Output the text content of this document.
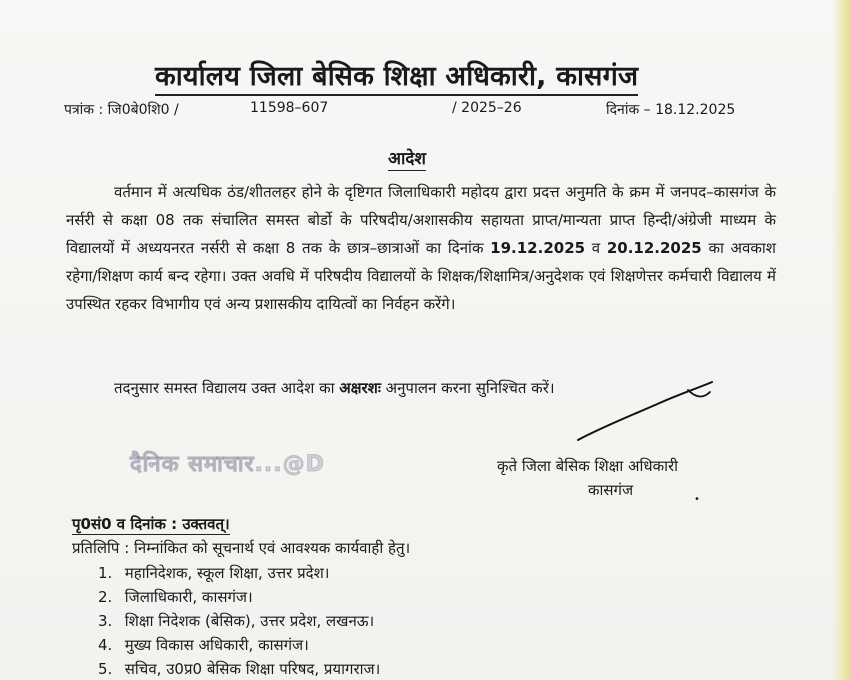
कार्यालय जिला बेसिक शिक्षा अधिकारी, कासगंज
पत्रांक : जि0बे0शि0 /	11598–607	/ 2025–26	दिनांक – 18.12.2025
आदेश
वर्तमान में अत्यधिक ठंड/शीतलहर होने के दृष्टिगत जिलाधिकारी महोदय द्वारा प्रदत्त अनुमति के क्रम में जनपद–कासगंज के नर्सरी से कक्षा 08 तक संचालित समस्त बोर्डो के परिषदीय/अशासकीय सहायता प्राप्त/मान्यता प्राप्त हिन्दी/अंग्रेजी माध्यम के विद्यालयों में अध्ययनरत नर्सरी से कक्षा 8 तक के छात्र–छात्राओं का दिनांक 19.12.2025 व 20.12.2025 का अवकाश रहेगा/शिक्षण कार्य बन्द रहेगा। उक्त अवधि में परिषदीय विद्यालयों के शिक्षक/शिक्षामित्र/अनुदेशक एवं शिक्षणेत्तर कर्मचारी विद्यालय में उपस्थित रहकर विभागीय एवं अन्य प्रशासकीय दायित्वों का निर्वहन करेंगे।
तदनुसार समस्त विद्यालय उक्त आदेश का अक्षरशः अनुपालन करना सुनिश्चित करें।
दैनिक समाचार...@D	कृते जिला बेसिक शिक्षा अधिकारी
कासगंज
•
पृ0सं0 व दिनांक : उक्तवत्।
प्रतिलिपि : निम्नांकित को सूचनार्थ एवं आवश्यक कार्यवाही हेतु।
1. महानिदेशक, स्कूल शिक्षा, उत्तर प्रदेश।
2. जिलाधिकारी, कासगंज।
3. शिक्षा निदेशक (बेसिक), उत्तर प्रदेश, लखनऊ।
4. मुख्य विकास अधिकारी, कासगंज।
5. सचिव, उ0प्र0 बेसिक शिक्षा परिषद, प्रयागराज।
